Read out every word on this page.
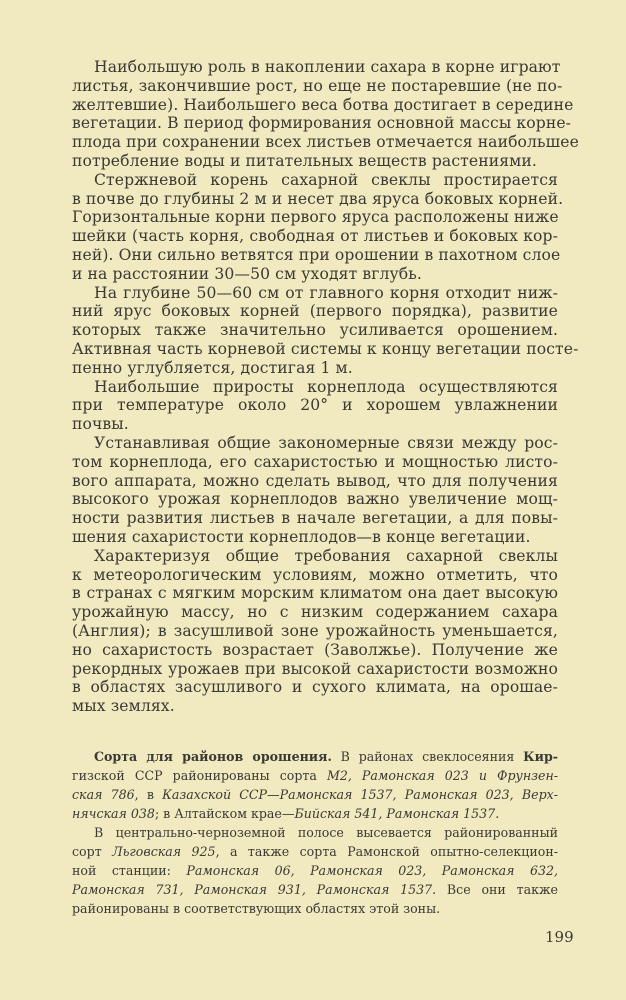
Наибольшую роль в накоплении сахара в корне играют
листья, закончившие рост, но еще не постаревшие (не по-
желтевшие). Наибольшего веса ботва достигает в середине
вегетации. В период формирования основной массы корне-
плода при сохранении всех листьев отмечается наибольшее
потребление воды и питательных веществ растениями.
Стержневой корень сахарной свеклы простирается
в почве до глубины 2 м и несет два яруса боковых корней.
Горизонтальные корни первого яруса расположены ниже
шейки (часть корня, свободная от листьев и боковых кор-
ней). Они сильно ветвятся при орошении в пахотном слое
и на расстоянии 30—50 см уходят вглубь.
На глубине 50—60 см от главного корня отходит ниж-
ний ярус боковых корней (первого порядка), развитие
которых также значительно усиливается орошением.
Активная часть корневой системы к концу вегетации посте-
пенно углубляется, достигая 1 м.
Наибольшие приросты корнеплода осуществляются
при температуре около 20° и хорошем увлажнении
почвы.
Устанавливая общие закономерные связи между рос-
том корнеплода, его сахаристостью и мощностью листо-
вого аппарата, можно сделать вывод, что для получения
высокого урожая корнеплодов важно увеличение мощ-
ности развития листьев в начале вегетации, а для повы-
шения сахаристости корнеплодов—в конце вегетации.
Характеризуя общие требования сахарной свеклы
к метеорологическим условиям, можно отметить, что
в странах с мягким морским климатом она дает высокую
урожайную массу, но с низким содержанием сахара
(Англия); в засушливой зоне урожайность уменьшается,
но сахаристость возрастает (Заволжье). Получение же
рекордных урожаев при высокой сахаристости возможно
в областях засушливого и сухого климата, на орошае-
мых землях.
Сорта для районов орошения. В районах свеклосеяния Кир-
гизской ССР районированы сорта М2, Рамонская 023 и Фрунзен-
ская 786, в Казахской ССР—Рамонская 1537, Рамонская 023, Верх-
нячская 038; в Алтайском крае—Бийская 541, Рамонская 1537.
В центрально-черноземной полосе высевается районированный
сорт Льговская 925, а также сорта Рамонской опытно-селекцион-
ной станции: Рамонская 06, Рамонская 023, Рамонская 632,
Рамонская 731, Рамонская 931, Рамонская 1537. Все они также
районированы в соответствующих областях этой зоны.
199
